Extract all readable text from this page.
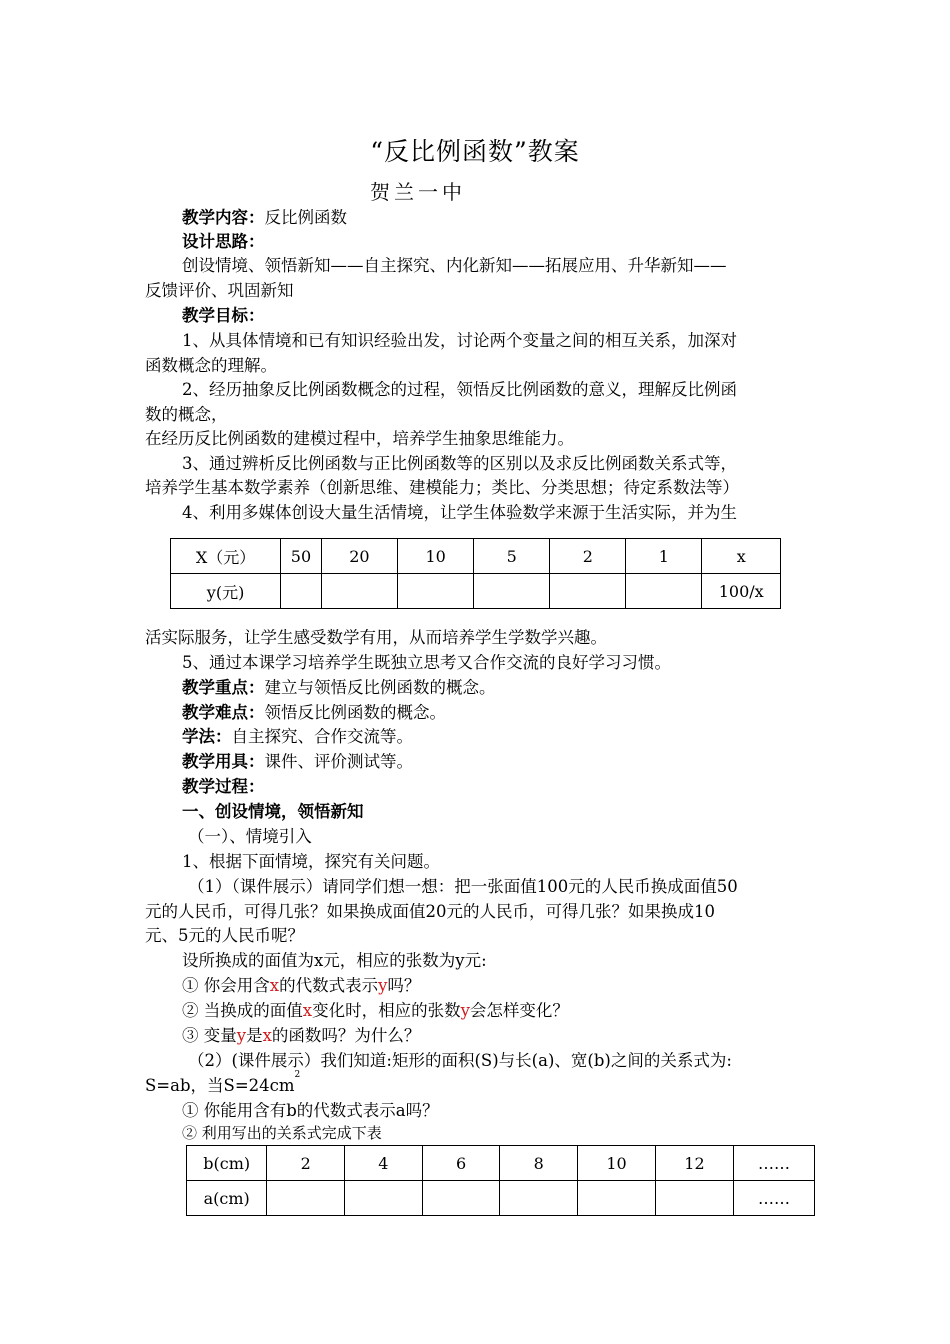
“反比例函数”教案
贺兰一中
教学内容：反比例函数
设计思路：
创设情境、领悟新知——自主探究、内化新知——拓展应用、升华新知——
反馈评价、巩固新知
教学目标：
1、从具体情境和已有知识经验出发，讨论两个变量之间的相互关系，加深对
函数概念的理解。
2、经历抽象反比例函数概念的过程，领悟反比例函数的意义，理解反比例函
数的概念，
在经历反比例函数的建模过程中，培养学生抽象思维能力。
3、通过辨析反比例函数与正比例函数等的区别以及求反比例函数关系式等，
培养学生基本数学素养（创新思维、建模能力；类比、分类思想；待定系数法等）
4、利用多媒体创设大量生活情境，让学生体验数学来源于生活实际，并为生
X（元）	50	20	10	5	2	1	x
y(元)							100/x
活实际服务，让学生感受数学有用，从而培养学生学数学兴趣。
5、通过本课学习培养学生既独立思考又合作交流的良好学习习惯。
教学重点：建立与领悟反比例函数的概念。
教学难点：领悟反比例函数的概念。
学法：自主探究、合作交流等。
教学用具：课件、评价测试等。
教学过程：
一、创设情境，领悟新知
（一）、情境引入
1、根据下面情境，探究有关问题。
（1）（课件展示）请同学们想一想：把一张面值100元的人民币换成面值50
元的人民币，可得几张？如果换成面值20元的人民币，可得几张？如果换成10
元、5元的人民币呢？
设所换成的面值为x元，相应的张数为y元:
① 你会用含x的代数式表示y吗？
② 当换成的面值x变化时，相应的张数y会怎样变化？
③ 变量y是x的函数吗？为什么？
（2）(课件展示）我们知道:矩形的面积(S)与长(a)、宽(b)之间的关系式为:
S=ab，当$S=24cm^2$
① 你能用含有b的代数式表示a吗？
② 利用写出的关系式完成下表
b(cm)	2	4	6	8	10	12	……
a(cm)							……
